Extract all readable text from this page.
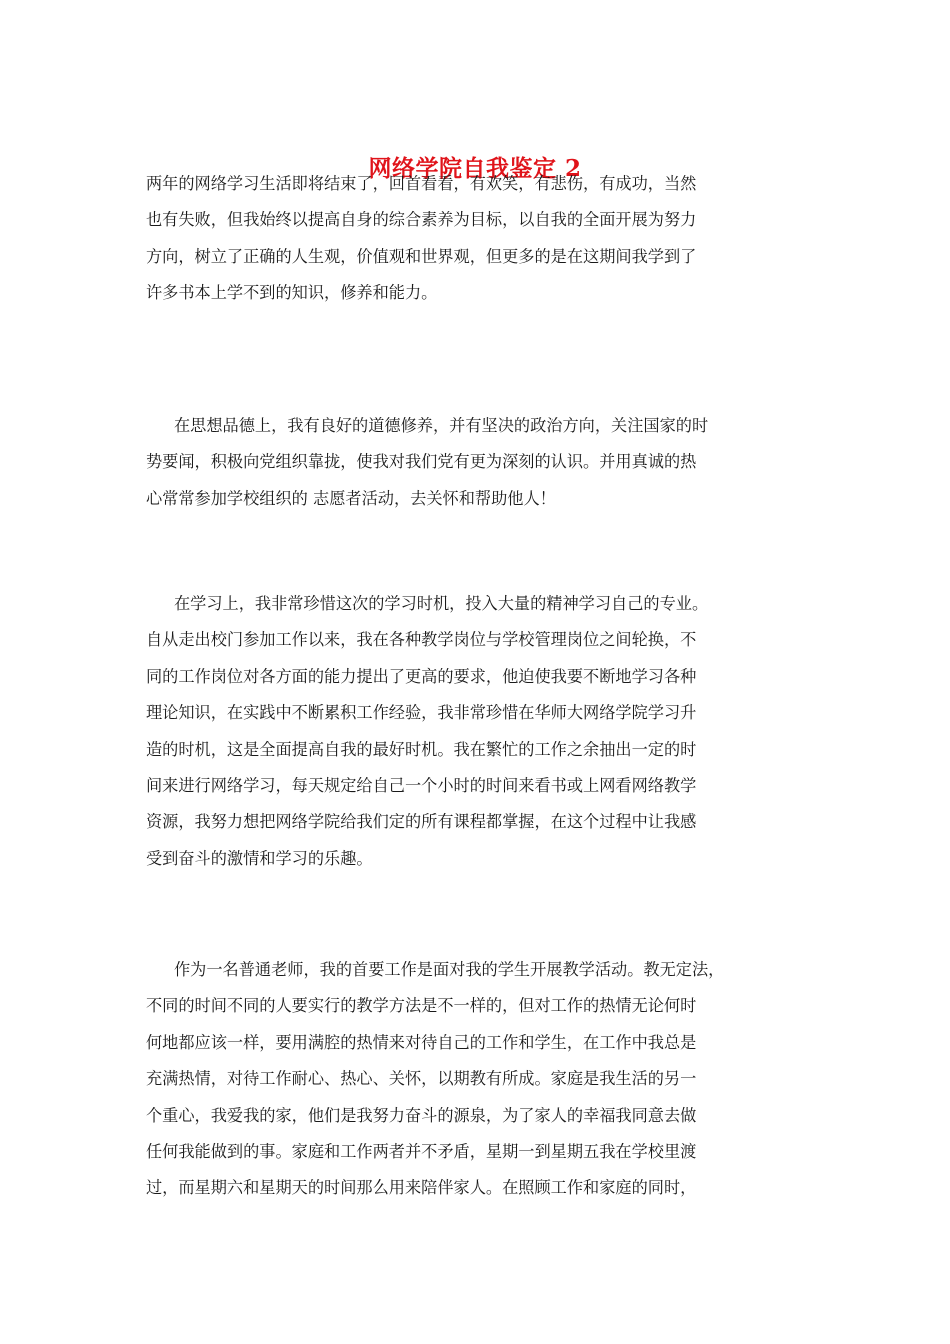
网络学院自我鉴定 2
两年的网络学习生活即将结束了，回首看看，有欢笑，有悲伤，有成功，当然
也有失败，但我始终以提高自身的综合素养为目标，以自我的全面开展为努力
方向，树立了正确的人生观，价值观和世界观，但更多的是在这期间我学到了
许多书本上学不到的知识，修养和能力。
在思想品德上，我有良好的道德修养，并有坚决的政治方向，关注国家的时
势要闻，积极向党组织靠拢，使我对我们党有更为深刻的认识。并用真诚的热
心常常参加学校组织的 志愿者活动，去关怀和帮助他人！
在学习上，我非常珍惜这次的学习时机，投入大量的精神学习自己的专业。
自从走出校门参加工作以来，我在各种教学岗位与学校管理岗位之间轮换，不
同的工作岗位对各方面的能力提出了更高的要求，他迫使我要不断地学习各种
理论知识，在实践中不断累积工作经验，我非常珍惜在华师大网络学院学习升
造的时机，这是全面提高自我的最好时机。我在繁忙的工作之余抽出一定的时
间来进行网络学习，每天规定给自己一个小时的时间来看书或上网看网络教学
资源，我努力想把网络学院给我们定的所有课程都掌握，在这个过程中让我感
受到奋斗的激情和学习的乐趣。
作为一名普通老师，我的首要工作是面对我的学生开展教学活动。教无定法，
不同的时间不同的人要实行的教学方法是不一样的，但对工作的热情无论何时
何地都应该一样，要用满腔的热情来对待自己的工作和学生，在工作中我总是
充满热情，对待工作耐心、热心、关怀，以期教有所成。家庭是我生活的另一
个重心，我爱我的家，他们是我努力奋斗的源泉，为了家人的幸福我同意去做
任何我能做到的事。家庭和工作两者并不矛盾，星期一到星期五我在学校里渡
过，而星期六和星期天的时间那么用来陪伴家人。在照顾工作和家庭的同时，
